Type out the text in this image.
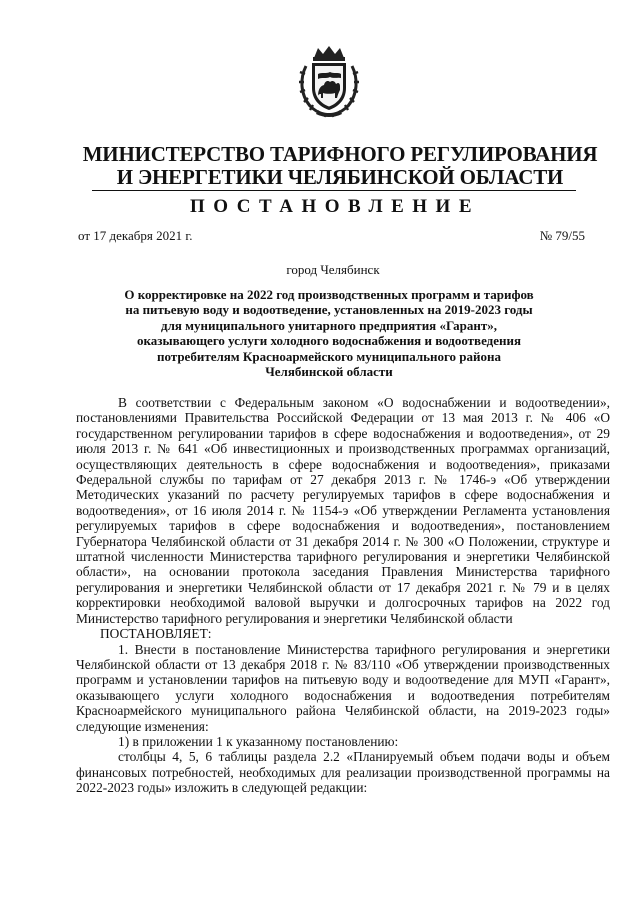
МИНИСТЕРСТВО ТАРИФНОГО РЕГУЛИРОВАНИЯ
И ЭНЕРГЕТИКИ ЧЕЛЯБИНСКОЙ ОБЛАСТИ
ПОСТАНОВЛЕНИЕ
от 17 декабря 2021 г.	№ 79/55
город Челябинск
О корректировке на 2022 год производственных программ и тарифов
на питьевую воду и водоотведение, установленных на 2019-2023 годы
для муниципального унитарного предприятия «Гарант»,
оказывающего услуги холодного водоснабжения и водоотведения
потребителям Красноармейского муниципального района
Челябинской области

В соответствии с Федеральным законом «О водоснабжении и водоотведении», постановлениями Правительства Российской Федерации от 13 мая 2013 г. № 406 «О государственном регулировании тарифов в сфере водоснабжения и водоотведения», от 29 июля 2013 г. № 641 «Об инвестиционных и производственных программах организаций, осуществляющих деятельность в сфере водоснабжения и водоотведения», приказами Федеральной службы по тарифам от 27 декабря 2013 г. № 1746-э «Об утверждении Методических указаний по расчету регулируемых тарифов в сфере водоснабжения и водоотведения», от 16 июля 2014 г. № 1154-э «Об утверждении Регламента установления регулируемых тарифов в сфере водоснабжения и водоотведения», постановлением Губернатора Челябинской области от 31 декабря 2014 г. № 300 «О Положении, структуре и штатной численности Министерства тарифного регулирования и энергетики Челябинской области», на основании протокола заседания Правления Министерства тарифного регулирования и энергетики Челябинской области от 17 декабря 2021 г. № 79 и в целях корректировки необходимой валовой выручки и долгосрочных тарифов на 2022 год Министерство тарифного регулирования и энергетики Челябинской области

ПОСТАНОВЛЯЕТ:

1. Внести в постановление Министерства тарифного регулирования и энергетики Челябинской области от 13 декабря 2018 г. № 83/110 «Об утверждении производственных программ и установлении тарифов на питьевую воду и водоотведение для МУП «Гарант», оказывающего услуги холодного водоснабжения и водоотведения потребителям Красноармейского муниципального района Челябинской области, на 2019-2023 годы» следующие изменения:

1) в приложении 1 к указанному постановлению:

столбцы 4, 5, 6 таблицы раздела 2.2 «Планируемый объем подачи воды и объем финансовых потребностей, необходимых для реализации производственной программы на 2022-2023 годы» изложить в следующей редакции:
